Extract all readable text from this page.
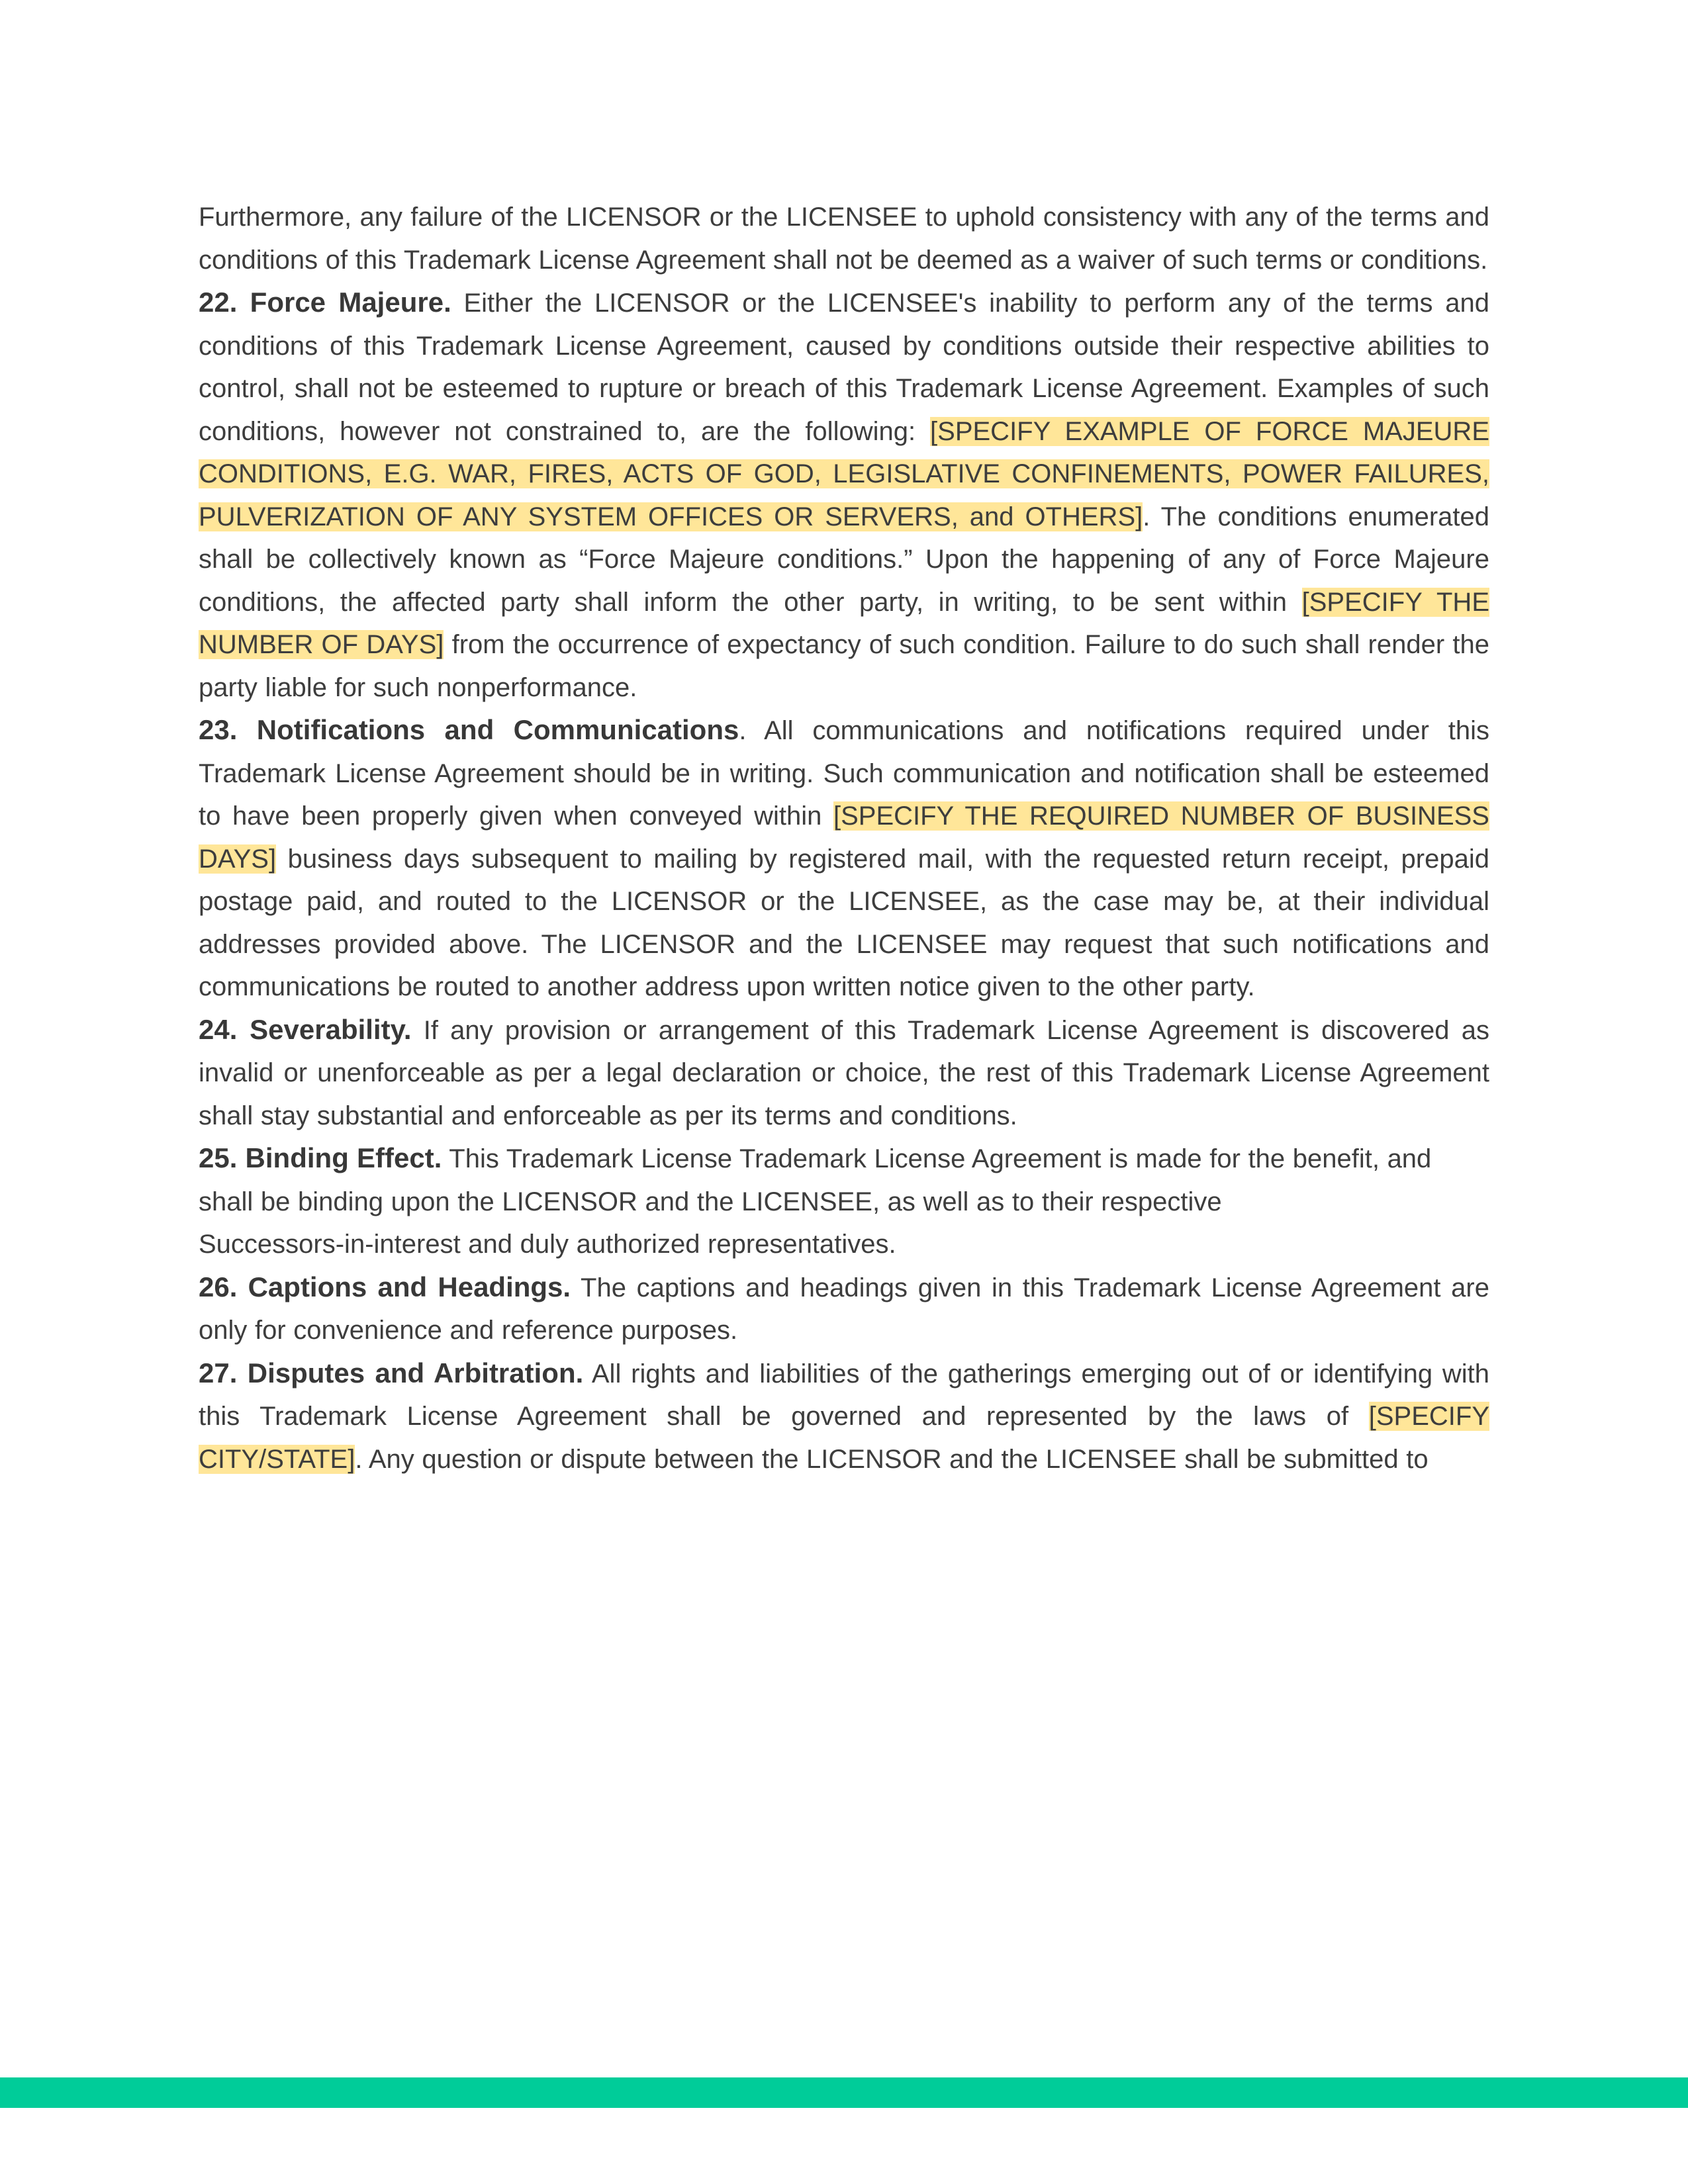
Furthermore, any failure of the LICENSOR or the LICENSEE to uphold consistency with any of the terms and conditions of this Trademark License Agreement shall not be deemed as a waiver of such terms or conditions.

22. Force Majeure. Either the LICENSOR or the LICENSEE's inability to perform any of the terms and conditions of this Trademark License Agreement, caused by conditions outside their respective abilities to control, shall not be esteemed to rupture or breach of this Trademark License Agreement. Examples of such conditions, however not constrained to, are the following: [SPECIFY EXAMPLE OF FORCE MAJEURE CONDITIONS, E.G. WAR, FIRES, ACTS OF GOD, LEGISLATIVE CONFINEMENTS, POWER FAILURES, PULVERIZATION OF ANY SYSTEM OFFICES OR SERVERS, and OTHERS]. The conditions enumerated shall be collectively known as “Force Majeure conditions.” Upon the happening of any of Force Majeure conditions, the affected party shall inform the other party, in writing, to be sent within [SPECIFY THE NUMBER OF DAYS] from the occurrence of expectancy of such condition. Failure to do such shall render the party liable for such nonperformance.

23. Notifications and Communications. All communications and notifications required under this Trademark License Agreement should be in writing. Such communication and notification shall be esteemed to have been properly given when conveyed within [SPECIFY THE REQUIRED NUMBER OF BUSINESS DAYS] business days subsequent to mailing by registered mail, with the requested return receipt, prepaid postage paid, and routed to the LICENSOR or the LICENSEE, as the case may be, at their individual addresses provided above. The LICENSOR and the LICENSEE may request that such notifications and communications be routed to another address upon written notice given to the other party.

24. Severability. If any provision or arrangement of this Trademark License Agreement is discovered as invalid or unenforceable as per a legal declaration or choice, the rest of this Trademark License Agreement shall stay substantial and enforceable as per its terms and conditions.

25. Binding Effect. This Trademark License Trademark License Agreement is made for the benefit, and shall be binding upon the LICENSOR and the LICENSEE, as well as to their respective
Successors-in-interest and duly authorized representatives.

26. Captions and Headings. The captions and headings given in this Trademark License Agreement are only for convenience and reference purposes.

27. Disputes and Arbitration. All rights and liabilities of the gatherings emerging out of or identifying with this Trademark License Agreement shall be governed and represented by the laws of [SPECIFY CITY/STATE]. Any question or dispute between the LICENSOR and the LICENSEE shall be submitted to
